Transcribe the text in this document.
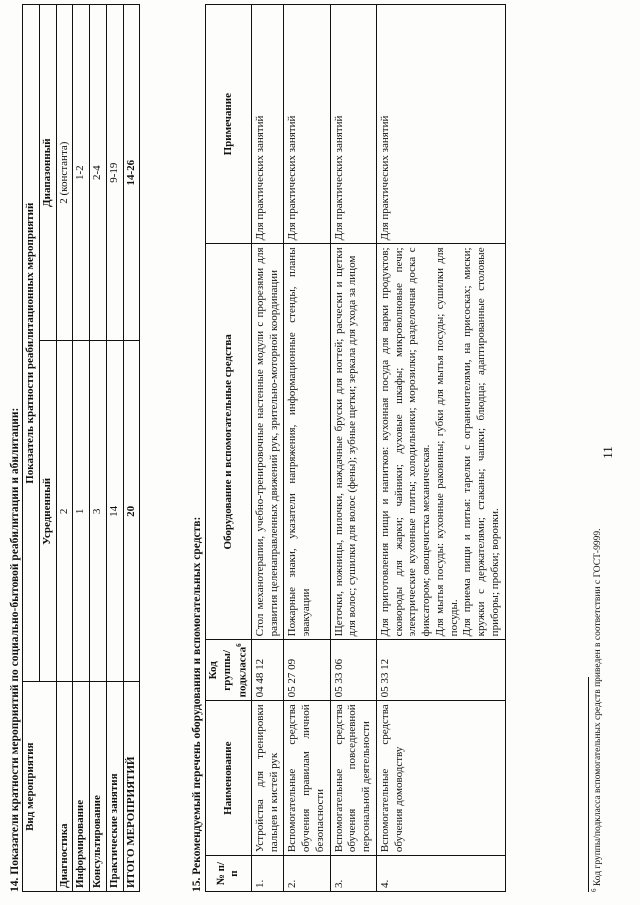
14. Показатели кратности мероприятий по социально-бытовой реабилитации и абилитации: Вид мероприятия	Показатель кратности реабилитационных мероприятий	
	Усредненный	Диапазонный
Диагностика	2	2 (константа)
Информирование	1	1-2
Консультирование	3	2-4
Практические занятия	14	9-19
ИТОГО МЕРОПРИЯТИЙ	20	14-26
15. Рекомендуемый перечень оборудования и вспомогательных средств: № п/п	Наименование	Код группы/подкласса$^6$	Оборудование и вспомогательные средства	Примечание
1.	Устройства для тренировки пальцев и кистей рук	04 48 12	Стол механотерапии, учебно-тренировочные настенные модули с прорезями для развития целенаправленных движений рук, зрительно-моторной координации	Для практических занятий
2.	Вспомогательные средства обучения правилам личной безопасности	05 27 09	Пожарные знаки, указатели напряжения, информационные стенды, планы эвакуации	Для практических занятий
3.	Вспомогательные средства обучения повседневной персональной деятельности	05 33 06	Щеточки, ножницы, пилочки, наждачные бруски для ногтей; расчески и щетки для волос; сушилки для волос (фены); зубные щетки; зеркала для ухода за лицом	Для практических занятий
4.	Вспомогательные средства обучения домоводству	05 33 12	Для приготовления пищи и напитков: кухонная посуда для варки продуктов; сковороды для жарки; чайники; духовые шкафы; микроволновые печи; электрические кухонные плиты; холодильники; морозилки; разделочная доска с фиксатором; овощечистка механическая. Для мытья посуды: кухонные раковины; губки для мытья посуды; сушилки для посуды. Для приема пищи и питья: тарелки с ограничителями, на присосках; миски; кружки с держателями; стаканы; чашки; блюдца; адаптированные столовые приборы; пробки; воронки.	Для практических занятий
$^6$ Код группы/подкласса вспомогательных средств приведен в соответствии с ГОСТ-9999.
11
